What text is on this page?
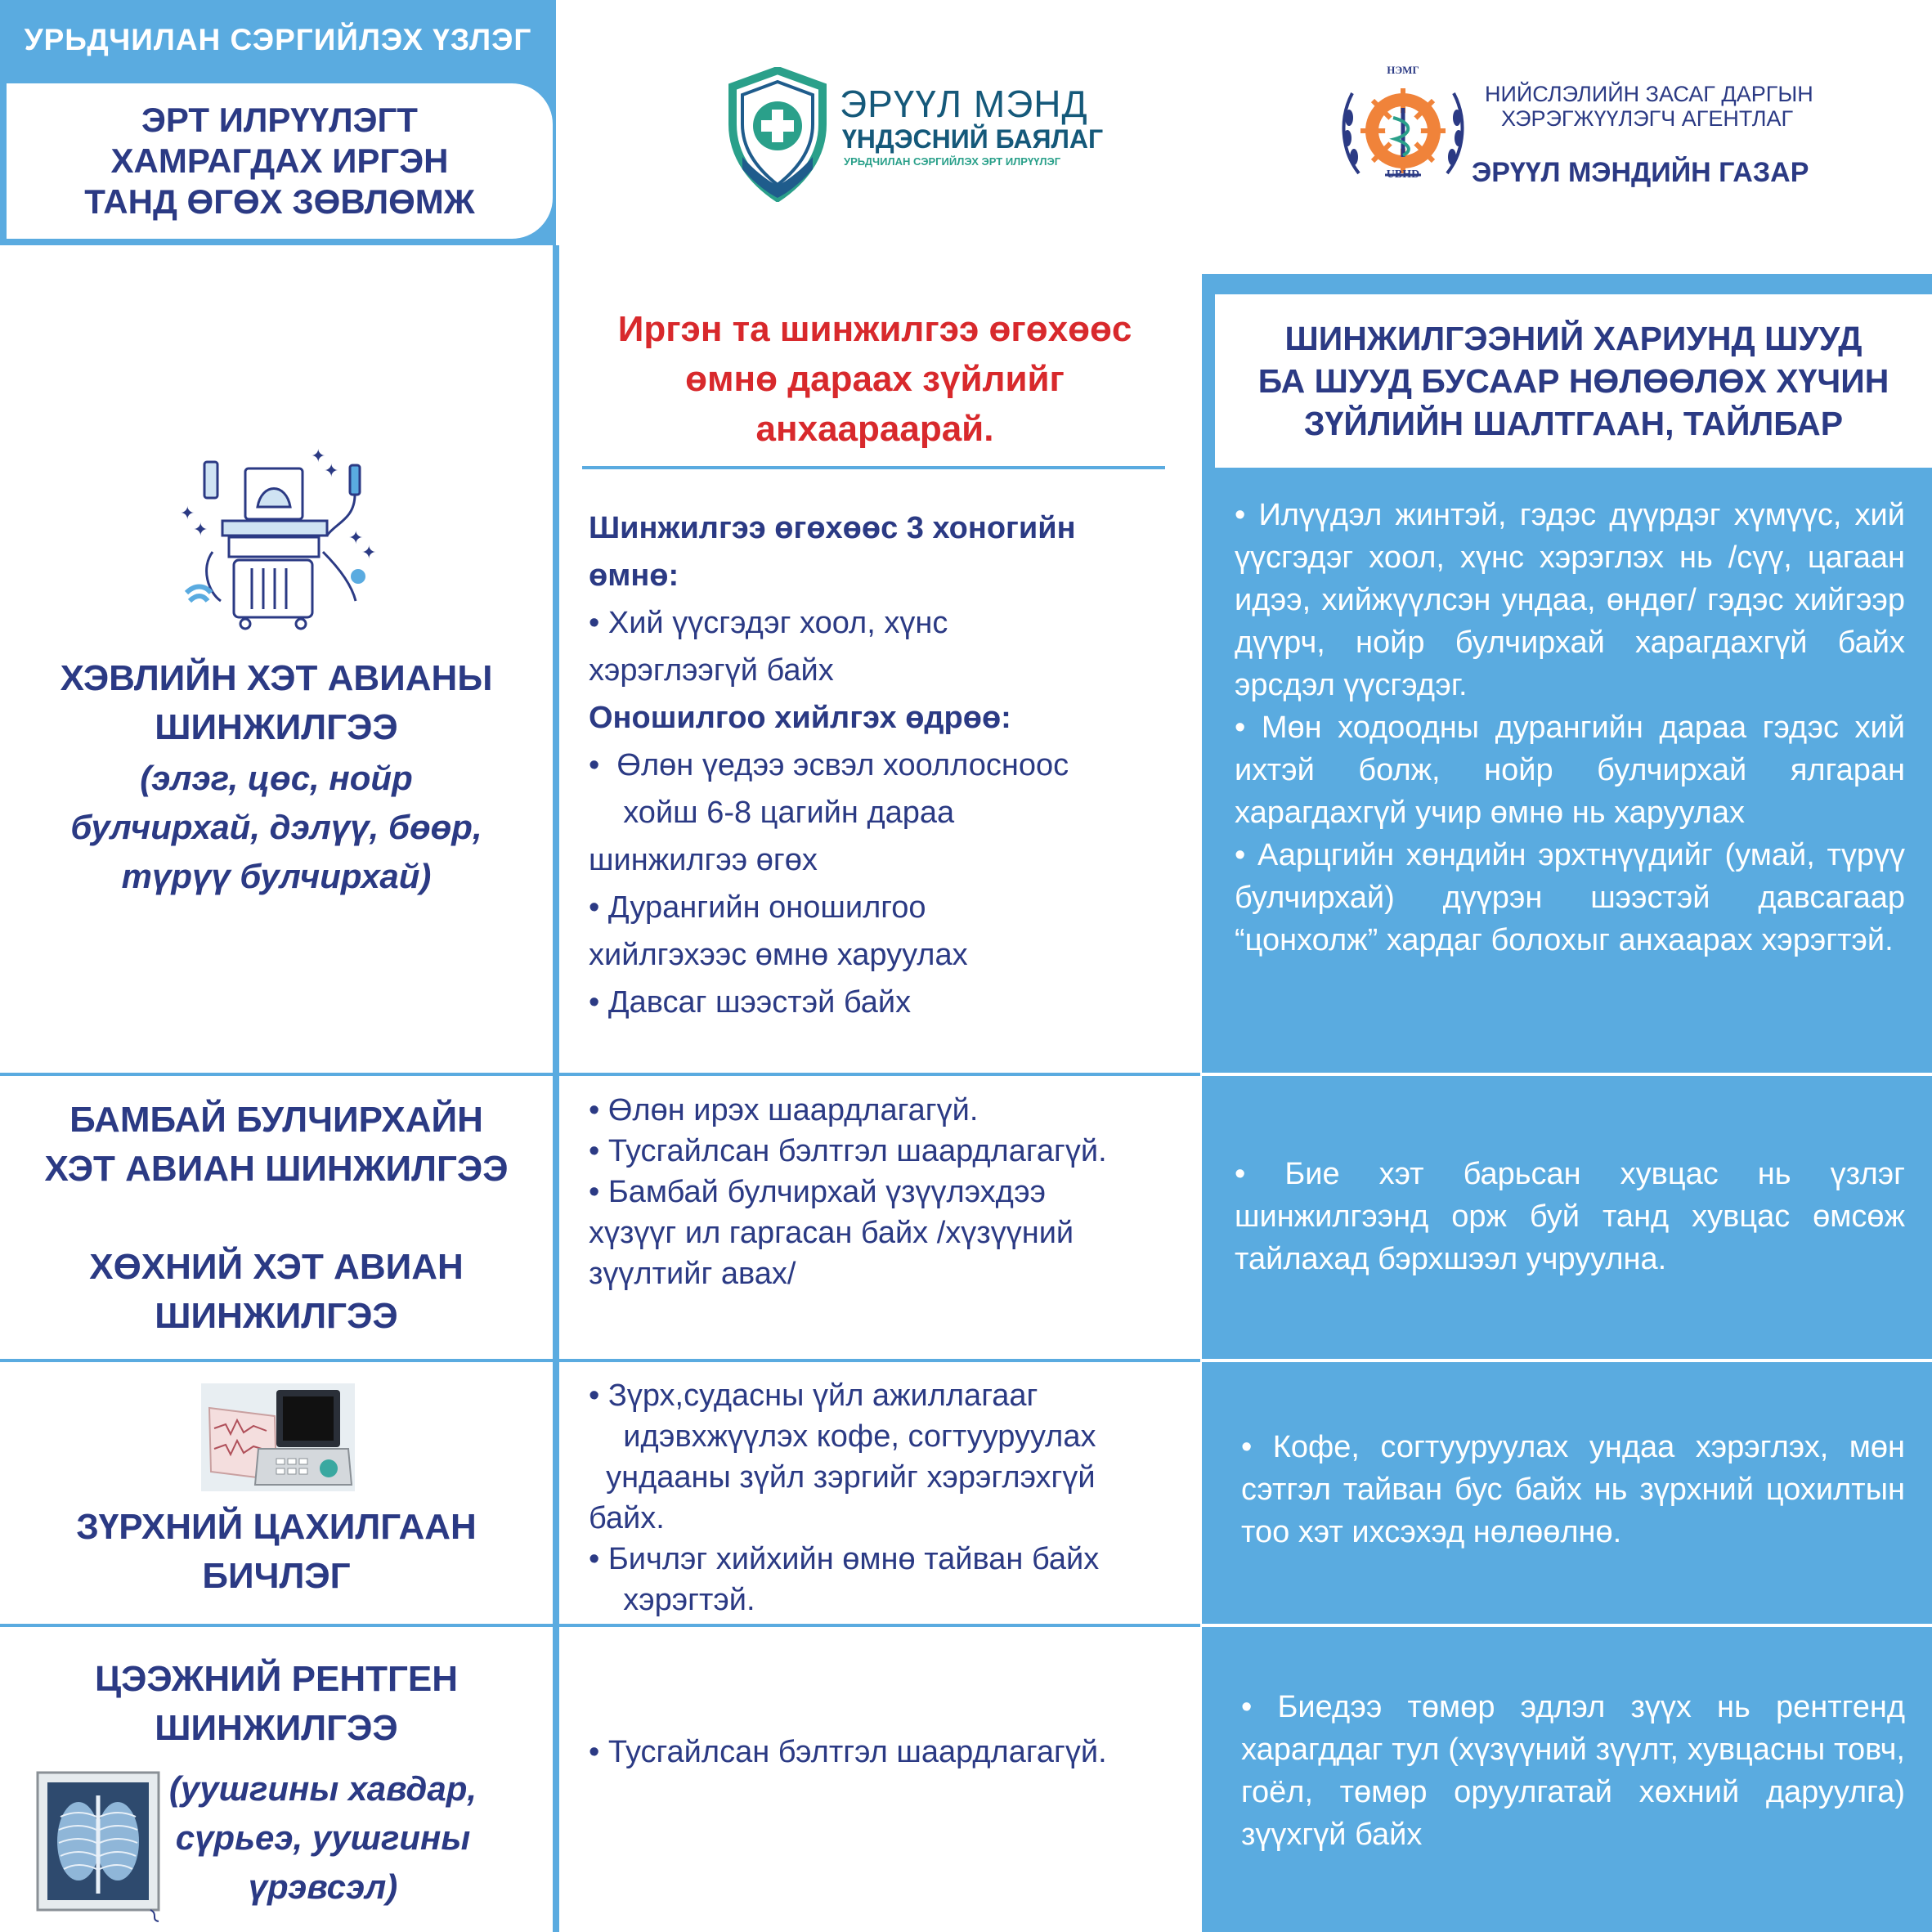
УРЬДЧИЛАН СЭРГИЙЛЭХ ҮЗЛЭГ
ЭРТ ИЛРҮҮЛЭГТ
ХАМРАГДАХ ИРГЭН
ТАНД ӨГӨХ ЗӨВЛӨМЖ
ЭРҮҮЛ МЭНД
ҮНДЭСНИЙ БАЯЛАГ
УРЬДЧИЛАН СЭРГИЙЛЭХ ЭРТ ИЛРҮҮЛЭГ
НЭМГ
UBHD
НИЙСЛЭЛИЙН ЗАСАГ ДАРГЫН
ХЭРЭГЖҮҮЛЭГЧ АГЕНТЛАГ
ЭРҮҮЛ МЭНДИЙН ГАЗАР
ШИНЖИЛГЭЭНИЙ ХАРИУНД ШУУД
БА ШУУД БУСААР НӨЛӨӨЛӨХ ХҮЧИН
ЗҮЙЛИЙН ШАЛТГААН, ТАЙЛБАР
Иргэн та шинжилгээ өгөхөөс
өмнө дараах зүйлийг
анхаараарай.
✦
✦
✦
✦	✦
✦
ХЭВЛИЙН ХЭТ АВИАНЫ
ШИНЖИЛГЭЭ
(элэг, цөс, нойр
булчирхай, дэлүү, бөөр,
түрүү булчирхай)

Шинжилгээ өгөхөөс 3 хоногийн

өмнө:

• Хий үүсгэдэг хоол, хүнс

хэрэглээгүй байх

Оношилгоо хийлгэх өдрөө:

•  Өлөн үедээ эсвэл хооллосноос

хойш 6-8 цагийн дараа

шинжилгээ өгөх

• Дурангийн оношилгоо

хийлгэхээс өмнө харуулах

• Давсаг шээстэй байх

• Илүүдэл жинтэй, гэдэс дүүрдэг хүмүүс, хий үүсгэдэг хоол, хүнс хэрэглэх нь /сүү, цагаан идээ, хийжүүлсэн ундаа, өндөг/ гэдэс хийгээр дүүрч, нойр булчирхай харагдахгүй байх эрсдэл үүсгэдэг.

• Мөн ходоодны дурангийн дараа гэдэс хий ихтэй болж, нойр булчирхай ялгаран харагдахгүй учир өмнө нь харуулах

• Аарцгийн хөндийн эрхтнүүдийг (умай, түрүү булчирхай) дүүрэн шээстэй давсагаар “цонхолж” хардаг болохыг анхаарах хэрэгтэй.

БАМБАЙ БУЛЧИРХАЙН
ХЭТ АВИАН ШИНЖИЛГЭЭ
ХӨХНИЙ ХЭТ АВИАН
ШИНЖИЛГЭЭ

• Өлөн ирэх шаардлагагүй.

• Тусгайлсан бэлтгэл шаардлагагүй.

• Бамбай булчирхай үзүүлэхдээ

хүзүүг ил гаргасан байх /хүзүүний

зүүлтийг авах/

• Бие хэт барьсан хувцас нь үзлэг шинжилгээнд орж буй танд хувцас өмсөж тайлахад бэрхшээл учруулна.

ЗҮРХНИЙ ЦАХИЛГААН
БИЧЛЭГ

• Зүрх,судасны үйл ажиллагааг

идэвхжүүлэх кофе, согтууруулах

ундааны зүйл зэргийг хэрэглэхгүй

байх.

• Бичлэг хийхийн өмнө тайван байх

хэрэгтэй.

• Кофе, согтууруулах ундаа хэрэглэх, мөн сэтгэл тайван бус байх нь зүрхний цохилтын тоо хэт ихсэхэд нөлөөлнө.

ЦЭЭЖНИЙ РЕНТГЕН
ШИНЖИЛГЭЭ
(уушгины хавдар,
сүрьеэ, уушгины
үрэвсэл)

• Тусгайлсан бэлтгэл шаардлагагүй.

• Биедээ төмөр эдлэл зүүх нь рентгенд харагддаг тул (хүзүүний зүүлт, хувцасны товч, гоёл, төмөр оруулгатай хөхний даруулга) зүүхгүй байх
